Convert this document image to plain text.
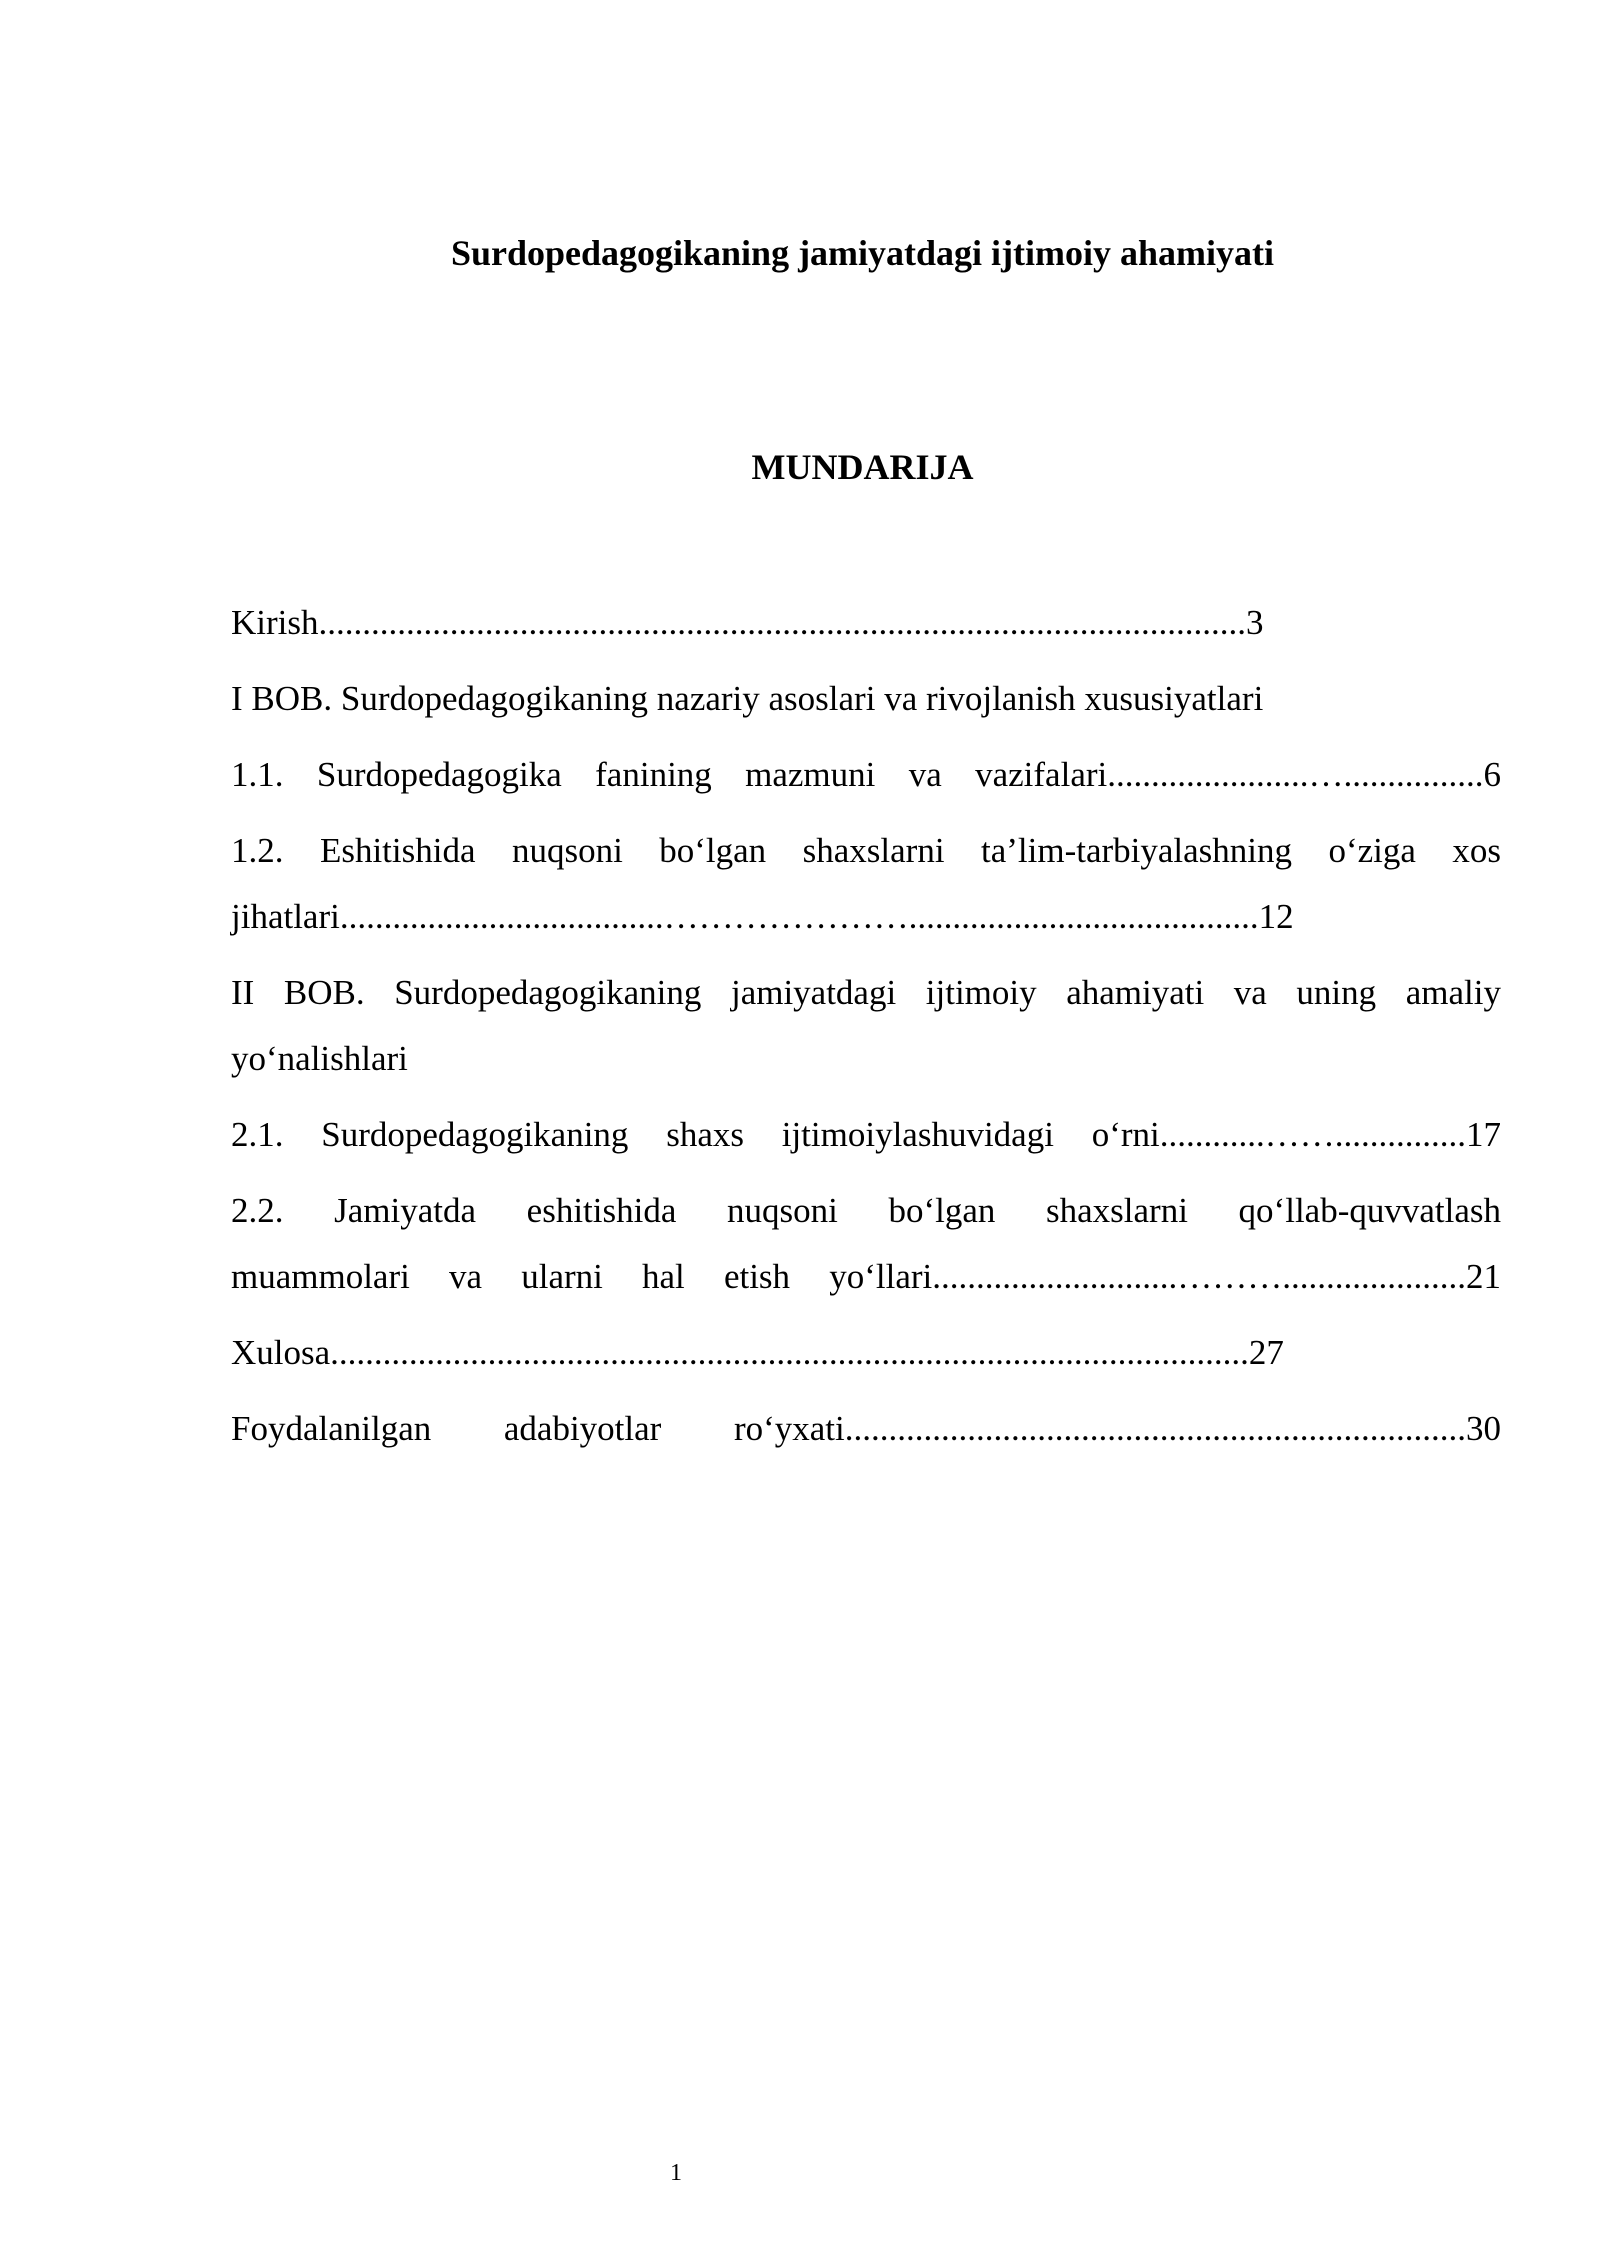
Surdopedagogikaning jamiyatdagi ijtimoiy ahamiyati
MUNDARIJA
Kirish..........................................................................................................3
I BOB. Surdopedagogikaning nazariy asoslari va rivojlanish xususiyatlari
1.1. Surdopedagogika fanining mazmuni va vazifalari.......................…................6
1.2. Eshitishida nuqsoni bo‘lgan shaxslarni ta’lim-tarbiyalashning o‘ziga xos
jihatlari.....................................…………………........................................12
II BOB. Surdopedagogikaning jamiyatdagi ijtimoiy ahamiyati va uning amaliy
yo‘nalishlari
2.1. Surdopedagogikaning shaxs ijtimoiylashuvidagi o‘rni............……...............17
2.2. Jamiyatda eshitishida nuqsoni bo‘lgan shaxslarni qo‘llab-quvvatlash
muammolari va ularni hal etish yo‘llari............................……….....................21
Xulosa.........................................................................................................27
Foydalanilgan adabiyotlar ro‘yxati.......................................................................30
1
